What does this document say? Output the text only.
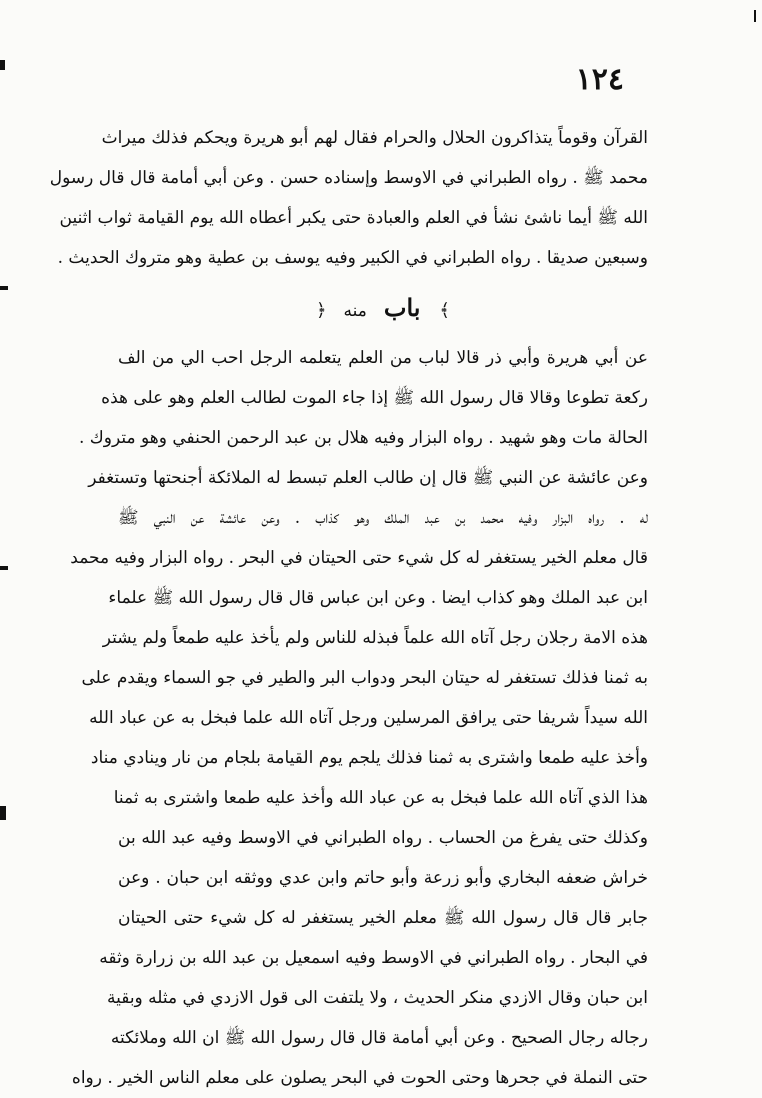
١٢٤
القرآن وقوماً يتذاكرون الحلال والحرام فقال لهم أبو هريرة ويحكم فذلك ميراث
محمد ﷺ . رواه الطبراني في الاوسط وإسناده حسن . وعن أبي أمامة قال قال رسول
الله ﷺ أيما ناشئ نشأ في العلم والعبادة حتى يكبر أعطاه الله يوم القيامة ثواب اثنين
وسبعين صديقا . رواه الطبراني في الكبير وفيه يوسف بن عطية وهو متروك الحديث .
﴾ باب منه ﴿
عن أبي هريرة وأبي ذر قالا لباب من العلم يتعلمه الرجل احب الي من الف
ركعة تطوعا وقالا قال رسول الله ﷺ إذا جاء الموت لطالب العلم وهو على هذه
الحالة مات وهو شهيد . رواه البزار وفيه هلال بن عبد الرحمن الحنفي وهو متروك .
وعن عائشة عن النبي ﷺ قال إن طالب العلم تبسط له الملائكة أجنحتها وتستغفر
له . رواه البزار وفيه محمد بن عبد الملك وهو كذاب . وعن عائشة عن النبي ﷺ
قال معلم الخير يستغفر له كل شيء حتى الحيتان في البحر . رواه البزار وفيه محمد
ابن عبد الملك وهو كذاب ايضا . وعن ابن عباس قال قال رسول الله ﷺ علماء
هذه الامة رجلان رجل آتاه الله علماً فبذله للناس ولم يأخذ عليه طمعاً ولم يشتر
به ثمنا فذلك تستغفر له حيتان البحر ودواب البر والطير في جو السماء ويقدم على
الله سيداً شريفا حتى يرافق المرسلين ورجل آتاه الله علما فبخل به عن عباد الله
وأخذ عليه طمعا واشترى به ثمنا فذلك يلجم يوم القيامة بلجام من نار وينادي مناد
هذا الذي آتاه الله علما فبخل به عن عباد الله وأخذ عليه طمعا واشترى به ثمنا
وكذلك حتى يفرغ من الحساب . رواه الطبراني في الاوسط وفيه عبد الله بن
خراش ضعفه البخاري وأبو زرعة وأبو حاتم وابن عدي ووثقه ابن حبان . وعن
جابر قال قال رسول الله ﷺ معلم الخير يستغفر له كل شيء حتى الحيتان
في البحار . رواه الطبراني في الاوسط وفيه اسمعيل بن عبد الله بن زرارة وثقه
ابن حبان وقال الازدي منكر الحديث ، ولا يلتفت الى قول الازدي في مثله وبقية
رجاله رجال الصحيح . وعن أبي أمامة قال قال رسول الله ﷺ ان الله وملائكته
حتى النملة في جحرها وحتى الحوت في البحر يصلون على معلم الناس الخير . رواه
